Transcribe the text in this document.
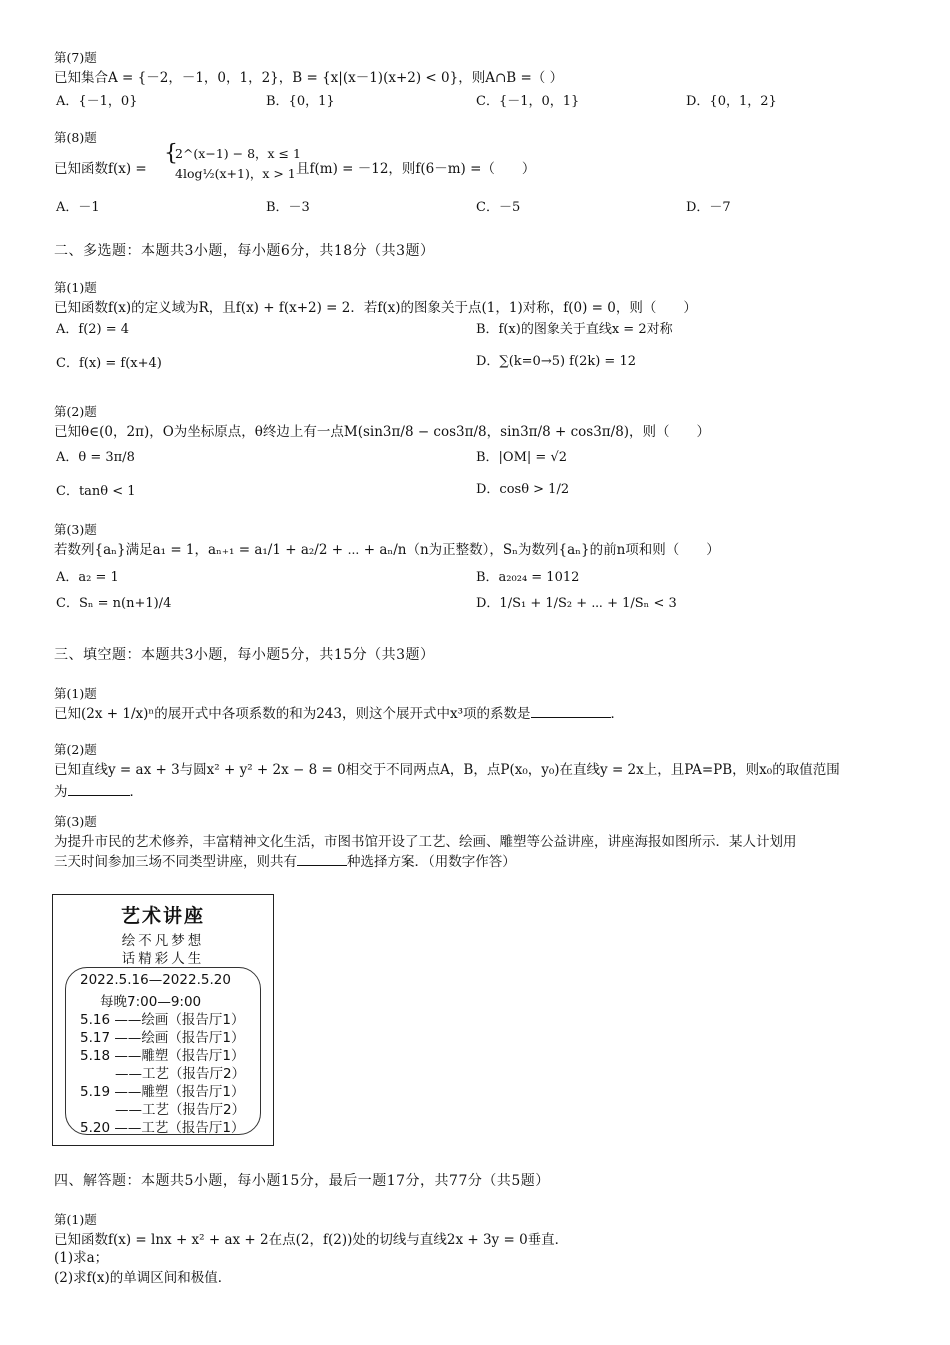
第(7)题
已知集合A = {－2，－1，0，1，2}，B = {x|(x－1)(x+2) < 0}，则A∩B =（ ）
A．{－1，0}	B．{0，1}	C．{－1，0，1}	D．{0，1，2}
第(8)题
已知函数f(x) =
{
2^(x−1) − 8，x ≤ 1
4log½(x+1)，x > 1 且f(m) = －12，则f(6－m) =（　　）
A．－1	B．－3	C．－5	D．－7
二、多选题：本题共3小题，每小题6分，共18分（共3题）
第(1)题
已知函数f(x)的定义域为R，且f(x) + f(x+2) = 2．若f(x)的图象关于点(1，1)对称，f(0) = 0，则（　　）
A．f(2) = 4	B．f(x)的图象关于直线x = 2对称
C．f(x) = f(x+4)	D．∑(k=0→5) f(2k) = 12
第(2)题
已知θ∈(0，2π)，O为坐标原点，θ终边上有一点M(sin3π/8 − cos3π/8，sin3π/8 + cos3π/8)，则（　　）
A．θ = 3π/8	B．|OM| = √2
C．tanθ < 1	D．cosθ > 1/2
第(3)题
若数列{aₙ}满足a₁ = 1，aₙ₊₁ = a₁/1 + a₂/2 + ⋯ + aₙ/n（n为正整数），Sₙ为数列{aₙ}的前n项和则（　　）
A．a₂ = 1	B．a₂₀₂₄ = 1012
C．Sₙ = n(n+1)/4	D．1/S₁ + 1/S₂ + ⋯ + 1/Sₙ < 3
三、填空题：本题共3小题，每小题5分，共15分（共3题）
第(1)题
已知(2x + 1/x)ⁿ的展开式中各项系数的和为243，则这个展开式中x³项的系数是	．
第(2)题
已知直线y = ax + 3与圆x² + y² + 2x − 8 = 0相交于不同两点A，B，点P(x₀，y₀)在直线y = 2x上，且PA=PB，则x₀的取值范围
为	．
第(3)题
为提升市民的艺术修养，丰富精神文化生活，市图书馆开设了工艺、绘画、雕塑等公益讲座，讲座海报如图所示．某人计划用
三天时间参加三场不同类型讲座，则共有	种选择方案．（用数字作答）
艺术讲座
绘不凡梦想
话精彩人生
2022.5.16—2022.5.20
每晚7:00—9:00
5.16 ——绘画（报告厅1）
5.17 ——绘画（报告厅1）
5.18 ——雕塑（报告厅1）
——工艺（报告厅2）
5.19 ——雕塑（报告厅1）
——工艺（报告厅2）
5.20 ——工艺（报告厅1）
四、解答题：本题共5小题，每小题15分，最后一题17分，共77分（共5题）
第(1)题
已知函数f(x) = lnx + x² + ax + 2在点(2，f(2))处的切线与直线2x + 3y = 0垂直．
(1)求a；
(2)求f(x)的单调区间和极值．
